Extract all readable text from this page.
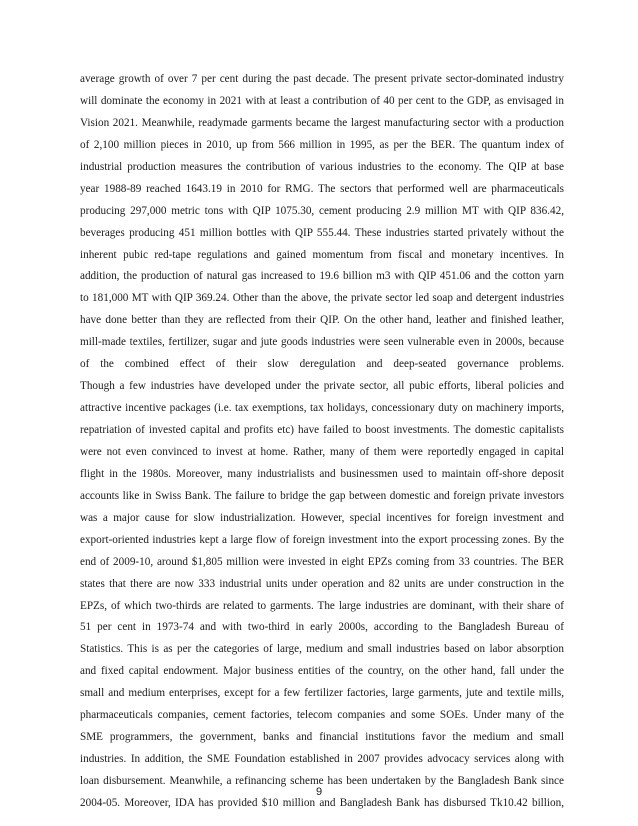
average growth of over 7 per cent during the past decade. The present private sector-dominated industry
will dominate the economy in 2021 with at least a contribution of 40 per cent to the GDP, as envisaged in
Vision 2021. Meanwhile, readymade garments became the largest manufacturing sector with a production
of 2,100 million pieces in 2010, up from 566 million in 1995, as per the BER. The quantum index of
industrial production measures the contribution of various industries to the economy. The QIP at base
year 1988-89 reached 1643.19 in 2010 for RMG. The sectors that performed well are pharmaceuticals
producing 297,000 metric tons with QIP 1075.30, cement producing 2.9 million MT with QIP 836.42,
beverages producing 451 million bottles with QIP 555.44. These industries started privately without the
inherent pubic red-tape regulations and gained momentum from fiscal and monetary incentives. In
addition, the production of natural gas increased to 19.6 billion m3 with QIP 451.06 and the cotton yarn
to 181,000 MT with QIP 369.24. Other than the above, the private sector led soap and detergent industries
have done better than they are reflected from their QIP. On the other hand, leather and finished leather,
mill-made textiles, fertilizer, sugar and jute goods industries were seen vulnerable even in 2000s, because
of the combined effect of their slow deregulation and deep-seated governance problems.
Though a few industries have developed under the private sector, all pubic efforts, liberal policies and
attractive incentive packages (i.e. tax exemptions, tax holidays, concessionary duty on machinery imports,
repatriation of invested capital and profits etc) have failed to boost investments. The domestic capitalists
were not even convinced to invest at home. Rather, many of them were reportedly engaged in capital
flight in the 1980s. Moreover, many industrialists and businessmen used to maintain off-shore deposit
accounts like in Swiss Bank. The failure to bridge the gap between domestic and foreign private investors
was a major cause for slow industrialization. However, special incentives for foreign investment and
export-oriented industries kept a large flow of foreign investment into the export processing zones. By the
end of 2009-10, around $1,805 million were invested in eight EPZs coming from 33 countries. The BER
states that there are now 333 industrial units under operation and 82 units are under construction in the
EPZs, of which two-thirds are related to garments. The large industries are dominant, with their share of
51 per cent in 1973-74 and with two-third in early 2000s, according to the Bangladesh Bureau of
Statistics. This is as per the categories of large, medium and small industries based on labor absorption
and fixed capital endowment. Major business entities of the country, on the other hand, fall under the
small and medium enterprises, except for a few fertilizer factories, large garments, jute and textile mills,
pharmaceuticals companies, cement factories, telecom companies and some SOEs. Under many of the
SME programmers, the government, banks and financial institutions favor the medium and small
industries. In addition, the SME Foundation established in 2007 provides advocacy services along with
loan disbursement. Meanwhile, a refinancing scheme has been undertaken by the Bangladesh Bank since
2004-05. Moreover, IDA has provided $10 million and Bangladesh Bank has disbursed Tk10.42 billion,

9
